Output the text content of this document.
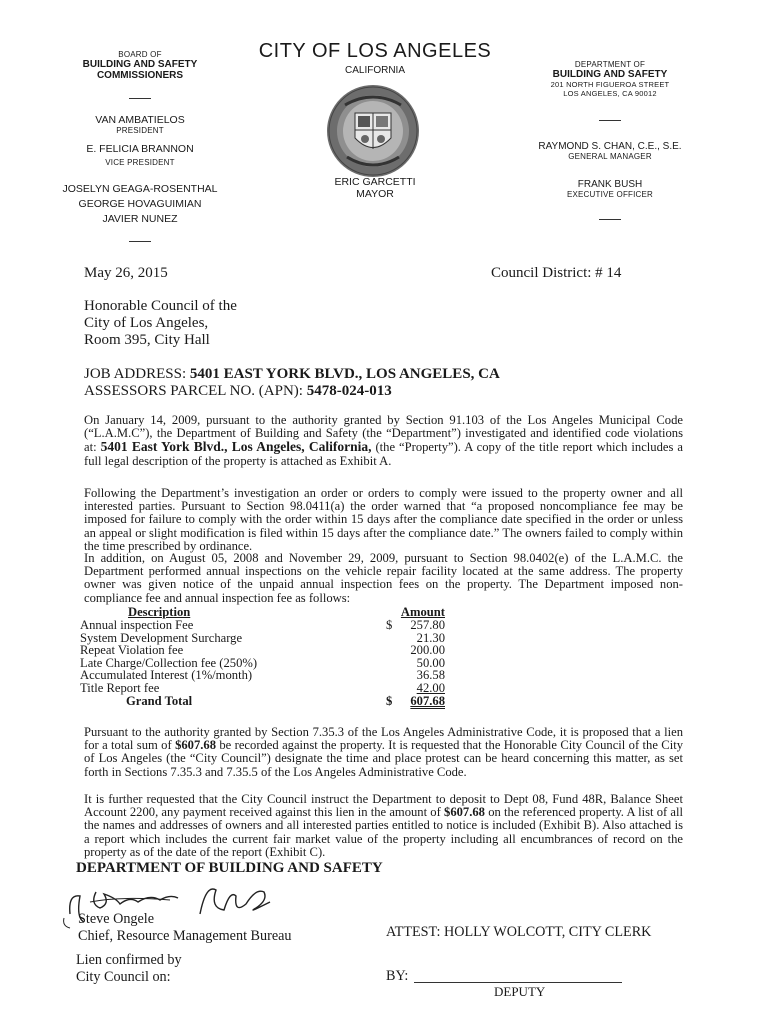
BOARD OF
BUILDING AND SAFETY
COMMISSIONERS
VAN AMBATIELOS
PRESIDENT
E. FELICIA BRANNON
VICE PRESIDENT
JOSELYN GEAGA-ROSENTHAL
GEORGE HOVAGUIMIAN
JAVIER NUNEZ
CITY OF LOS ANGELES
CALIFORNIA
ERIC GARCETTI
MAYOR
DEPARTMENT OF
BUILDING AND SAFETY
201 NORTH FIGUEROA STREET
LOS ANGELES, CA 90012
RAYMOND S. CHAN, C.E., S.E.
GENERAL MANAGER
FRANK BUSH
EXECUTIVE OFFICER
May 26, 2015	Council District: # 14
Honorable Council of the
City of Los Angeles,
Room 395, City Hall
JOB ADDRESS: 5401 EAST YORK BLVD., LOS ANGELES, CA
ASSESSORS PARCEL NO. (APN): 5478-024-013
On January 14, 2009, pursuant to the authority granted by Section 91.103 of the Los Angeles Municipal Code (“L.A.M.C”), the Department of Building and Safety (the “Department”) investigated and identified code violations at: 5401 East York Blvd., Los Angeles, California, (the “Property”). A copy of the title report which includes a full legal description of the property is attached as Exhibit A.
Following the Department’s investigation an order or orders to comply were issued to the property owner and all interested parties. Pursuant to Section 98.0411(a) the order warned that “a proposed noncompliance fee may be imposed for failure to comply with the order within 15 days after the compliance date specified in the order or unless an appeal or slight modification is filed within 15 days after the compliance date.” The owners failed to comply within the time prescribed by ordinance.
In addition, on August 05, 2008 and November 29, 2009, pursuant to Section 98.0402(e) of the L.A.M.C. the Department performed annual inspections on the vehicle repair facility located at the same address. The property owner was given notice of the unpaid annual inspection fees on the property. The Department imposed non-compliance fee and annual inspection fee as follows:
Description	Amount
Annual inspection Fee	$ 257.80
System Development Surcharge	21.30
Repeat Violation fee	200.00
Late Charge/Collection fee (250%)	50.00
Accumulated Interest (1%/month)	36.58
Title Report fee	42.00
Grand Total	$ 607.68
Pursuant to the authority granted by Section 7.35.3 of the Los Angeles Administrative Code, it is proposed that a lien for a total sum of $607.68 be recorded against the property. It is requested that the Honorable City Council of the City of Los Angeles (the “City Council”) designate the time and place protest can be heard concerning this matter, as set forth in Sections 7.35.3 and 7.35.5 of the Los Angeles Administrative Code.
It is further requested that the City Council instruct the Department to deposit to Dept 08, Fund 48R, Balance Sheet Account 2200, any payment received against this lien in the amount of $607.68 on the referenced property. A list of all the names and addresses of owners and all interested parties entitled to notice is included (Exhibit B). Also attached is a report which includes the current fair market value of the property including all encumbrances of record on the property as of the date of the report (Exhibit C).
DEPARTMENT OF BUILDING AND SAFETY
Steve Ongele
Chief, Resource Management Bureau	ATTEST: HOLLY WOLCOTT, CITY CLERK
Lien confirmed by
City Council on:	BY:
DEPUTY
